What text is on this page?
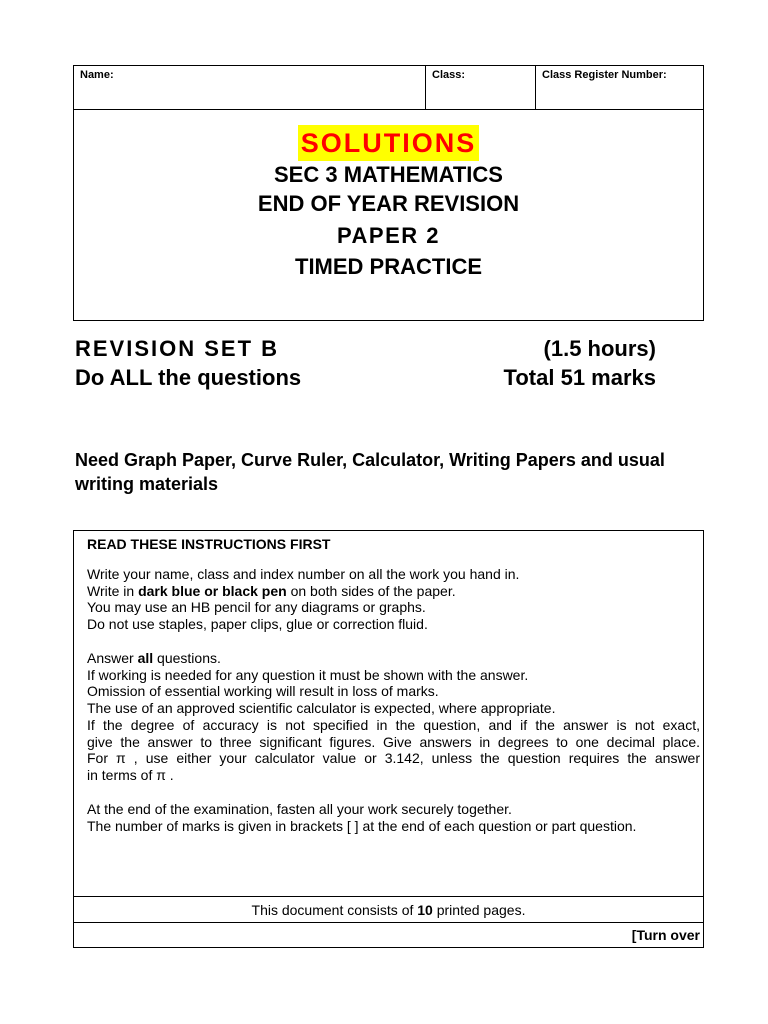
Name:	Class:	Class Register Number:
SOLUTIONS
SEC 3 MATHEMATICS
END OF YEAR REVISION
PAPER 2
TIMED PRACTICE
REVISION SET B	(1.5 hours)
Do ALL the questions	Total 51 marks
Need Graph Paper, Curve Ruler, Calculator, Writing Papers and usual writing materials
READ THESE INSTRUCTIONS FIRST
Write your name, class and index number on all the work you hand in.
Write in dark blue or black pen on both sides of the paper.
You may use an HB pencil for any diagrams or graphs.
Do not use staples, paper clips, glue or correction fluid.
Answer all questions.
If working is needed for any question it must be shown with the answer.
Omission of essential working will result in loss of marks.
The use of an approved scientific calculator is expected, where appropriate.
If the degree of accuracy is not specified in the question, and if the answer is not exact,
give the answer to three significant figures. Give answers in degrees to one decimal place.
For π , use either your calculator value or 3.142, unless the question requires the answer
in terms of π .
At the end of the examination, fasten all your work securely together.
The number of marks is given in brackets [ ] at the end of each question or part question.
This document consists of 10 printed pages.
[Turn over
